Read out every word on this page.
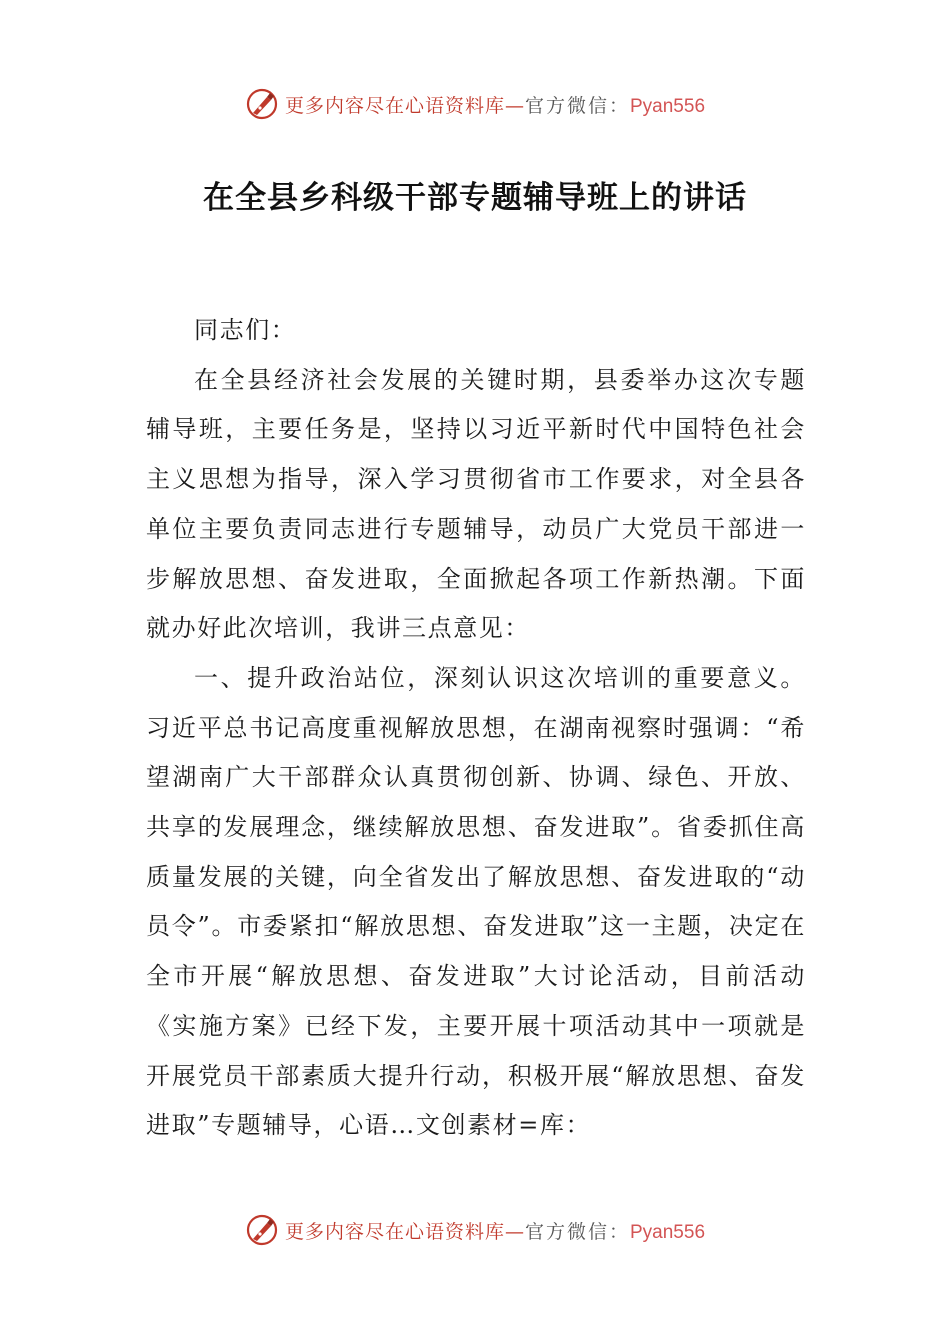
更多内容尽在心语资料库—官方微信：Pyan556
在全县乡科级干部专题辅导班上的讲话

同志们：

在全县经济社会发展的关键时期，县委举办这次专题辅导班，主要任务是，坚持以习近平新时代中国特色社会主义思想为指导，深入学习贯彻省市工作要求，对全县各单位主要负责同志进行专题辅导，动员广大党员干部进一步解放思想、奋发进取，全面掀起各项工作新热潮。下面就办好此次培训，我讲三点意见：

一、提升政治站位，深刻认识这次培训的重要意义。习近平总书记高度重视解放思想，在湖南视察时强调：“希望湖南广大干部群众认真贯彻创新、协调、绿色、开放、共享的发展理念，继续解放思想、奋发进取”。省委抓住高质量发展的关键，向全省发出了解放思想、奋发进取的“动员令”。市委紧扣“解放思想、奋发进取”这一主题，决定在全市开展“解放思想、奋发进取”大讨论活动，目前活动《实施方案》已经下发，主要开展十项活动其中一项就是开展党员干部素质大提升行动，积极开展“解放思想、奋发进取”专题辅导，心语…文创素材=库：

更多内容尽在心语资料库—官方微信：Pyan556
